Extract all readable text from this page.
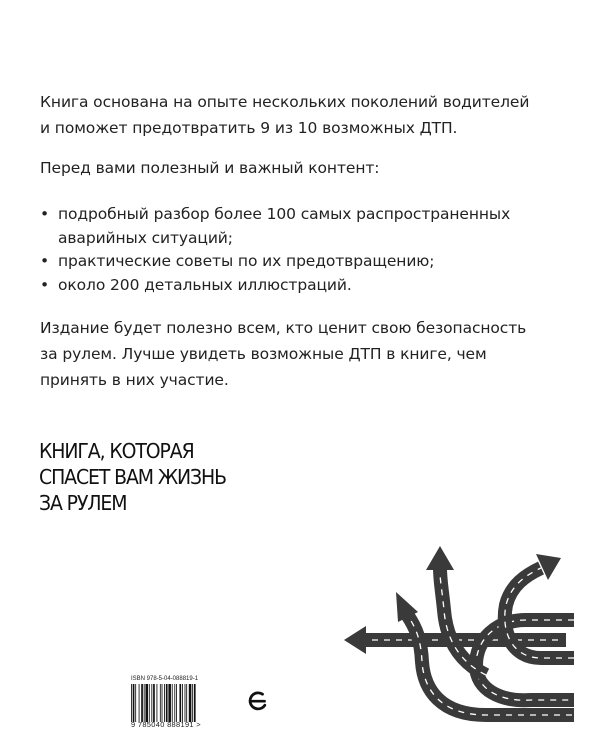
Книга основана на опыте нескольких поколений водителей
и поможет предотвратить 9 из 10 возможных ДТП.

Перед вами полезный и важный контент:

• подробный разбор более 100 самых распространенных
аварийных ситуаций;
• практические советы по их предотвращению;
• около 200 детальных иллюстраций.

Издание будет полезно всем, кто ценит свою безопасность
за рулем. Лучше увидеть возможные ДТП в книге, чем
принять в них участие.

КНИГА, КОТОРАЯ
СПАСЕТ ВАМ ЖИЗНЬ
ЗА РУЛЕМ
ISBN 978-5-04-088819-1
9 785040 888191 >
